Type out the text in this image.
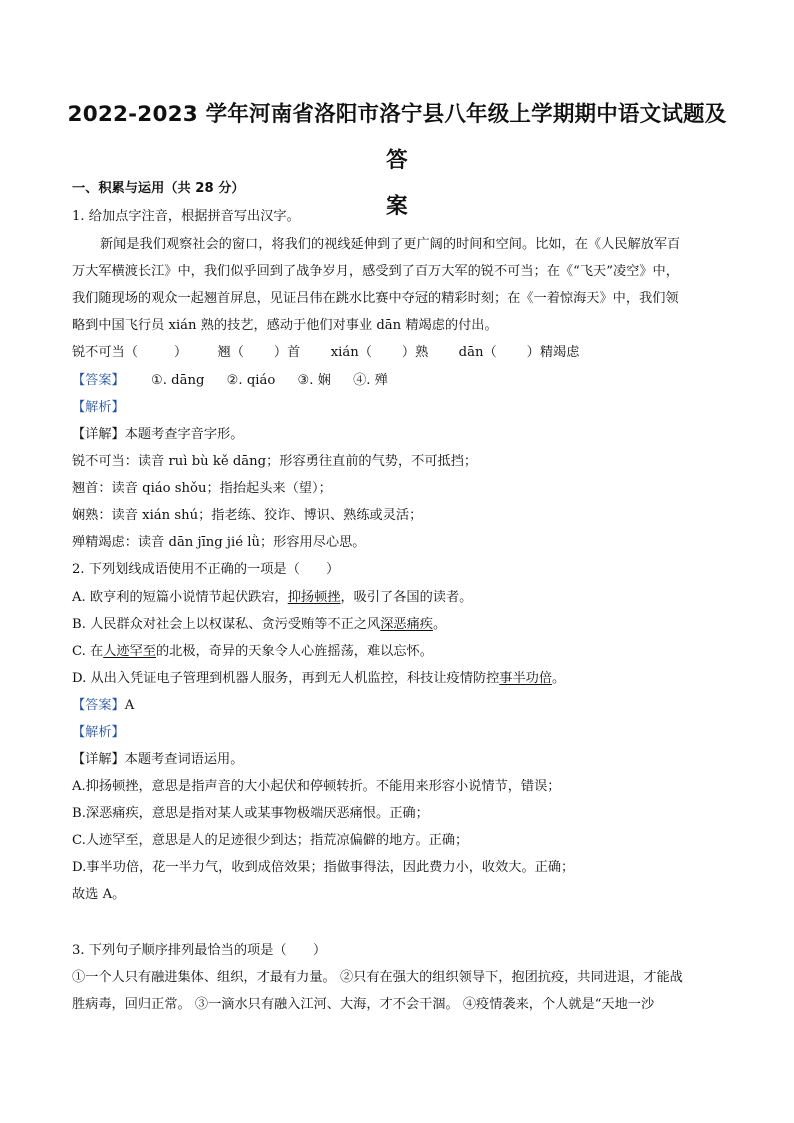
2022-2023 学年河南省洛阳市洛宁县八年级上学期期中语文试题及答
案
一、积累与运用（共 28 分）
1. 给加点字注音，根据拼音写出汉字。
新闻是我们观察社会的窗口，将我们的视线延伸到了更广阔的时间和空间。比如，在《人民解放军百
万大军横渡长江》中，我们似乎回到了战争岁月，感受到了百万大军的锐不可当；在《“飞天”凌空》中，
我们随现场的观众一起翘首屏息，见证吕伟在跳水比赛中夺冠的精彩时刻；在《一着惊海天》中，我们领
略到中国飞行员 xián 熟的技艺，感动于他们对事业 dān 精竭虑的付出。
锐不可当（	） 翘（ ）首 xián（ ）熟 dān（ ）精竭虑
【答案】 ①. dāng ②. qiáo ③. 娴 ④. 殚
【解析】
【详解】本题考查字音字形。
锐不可当：读音 ruì bù kě dāng；形容勇往直前的气势，不可抵挡；
翘首：读音 qiáo shǒu；指抬起头来（望）；
娴熟：读音 xián shú；指老练、狡诈、博识、熟练或灵活；
殚精竭虑：读音 dān jīng jié lǜ；形容用尽心思。
2. 下列划线成语使用不正确的一项是（　　）
A. 欧亨利的短篇小说情节起伏跌宕，抑扬顿挫，吸引了各国的读者。
B. 人民群众对社会上以权谋私、贪污受贿等不正之风深恶痛疾。
C. 在人迹罕至的北极，奇异的天象令人心旌摇荡，难以忘怀。
D. 从出入凭证电子管理到机器人服务，再到无人机监控，科技让疫情防控事半功倍。
【答案】A
【解析】
【详解】本题考查词语运用。
A.抑扬顿挫，意思是指声音的大小起伏和停顿转折。不能用来形容小说情节，错误；
B.深恶痛疾，意思是指对某人或某事物极端厌恶痛恨。正确；
C.人迹罕至，意思是人的足迹很少到达；指荒凉偏僻的地方。正确；
D.事半功倍，花一半力气，收到成倍效果；指做事得法，因此费力小，收效大。正确；
故选 A。
3. 下列句子顺序排列最恰当的项是（　　）
①一个人只有融进集体、组织，才最有力量。 ②只有在强大的组织领导下，抱团抗疫，共同进退，才能战
胜病毒，回归正常。 ③一滴水只有融入江河、大海，才不会干涸。 ④疫情袭来，个人就是“天地一沙
